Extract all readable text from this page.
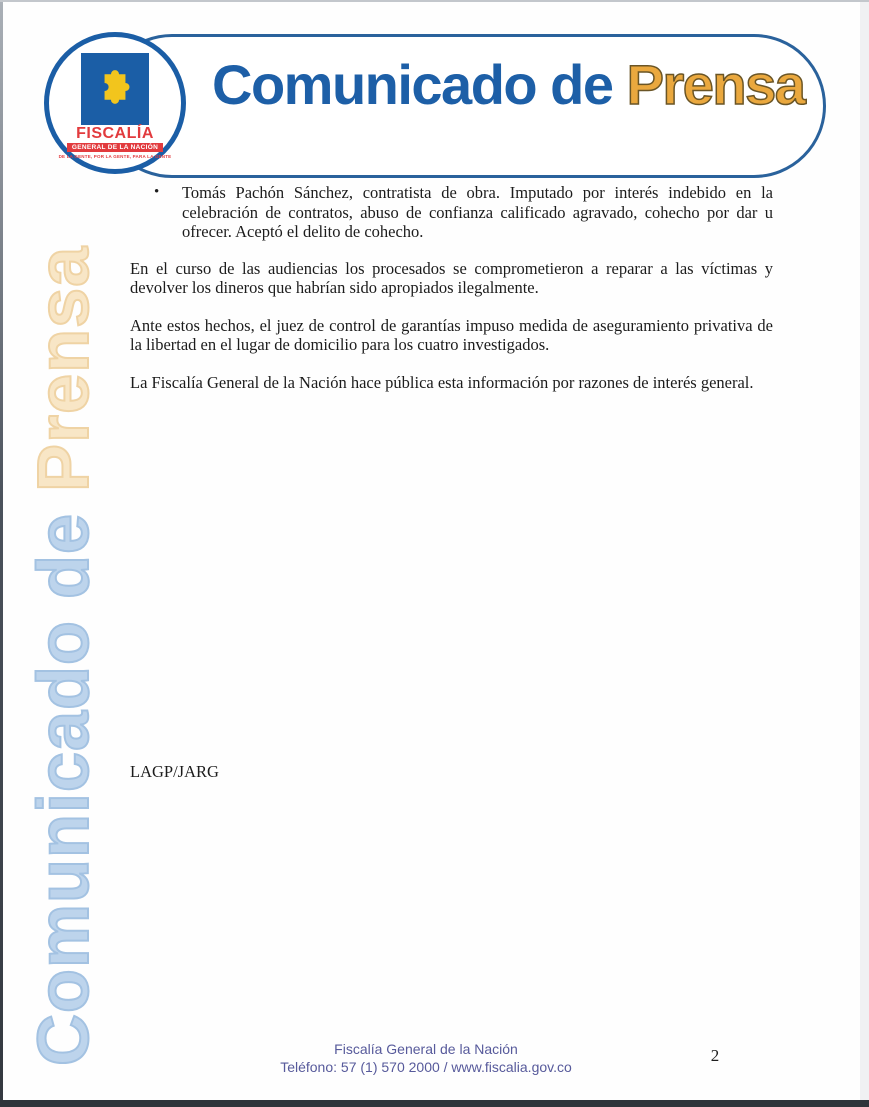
Comunicado de Prensa
FISCALÍA
GENERAL DE LA NACIÓN
DE LA GENTE, POR LA GENTE, PARA LA GENTE
Comunicado de Prensa
•	Tomás Pachón Sánchez, contratista de obra. Imputado por interés indebido en la celebración de contratos, abuso de confianza calificado agravado, cohecho por dar u ofrecer. Aceptó el delito de cohecho.

En el curso de las audiencias los procesados se comprometieron a reparar a las víctimas y devolver los dineros que habrían sido apropiados ilegalmente.

Ante estos hechos, el juez de control de garantías impuso medida de aseguramiento privativa de la libertad en el lugar de domicilio para los cuatro investigados.

La Fiscalía General de la Nación hace pública esta información por razones de interés general.

LAGP/JARG
Fiscalía General de la Nación
Teléfono: 57 (1) 570 2000 / www.fiscalia.gov.co
2
